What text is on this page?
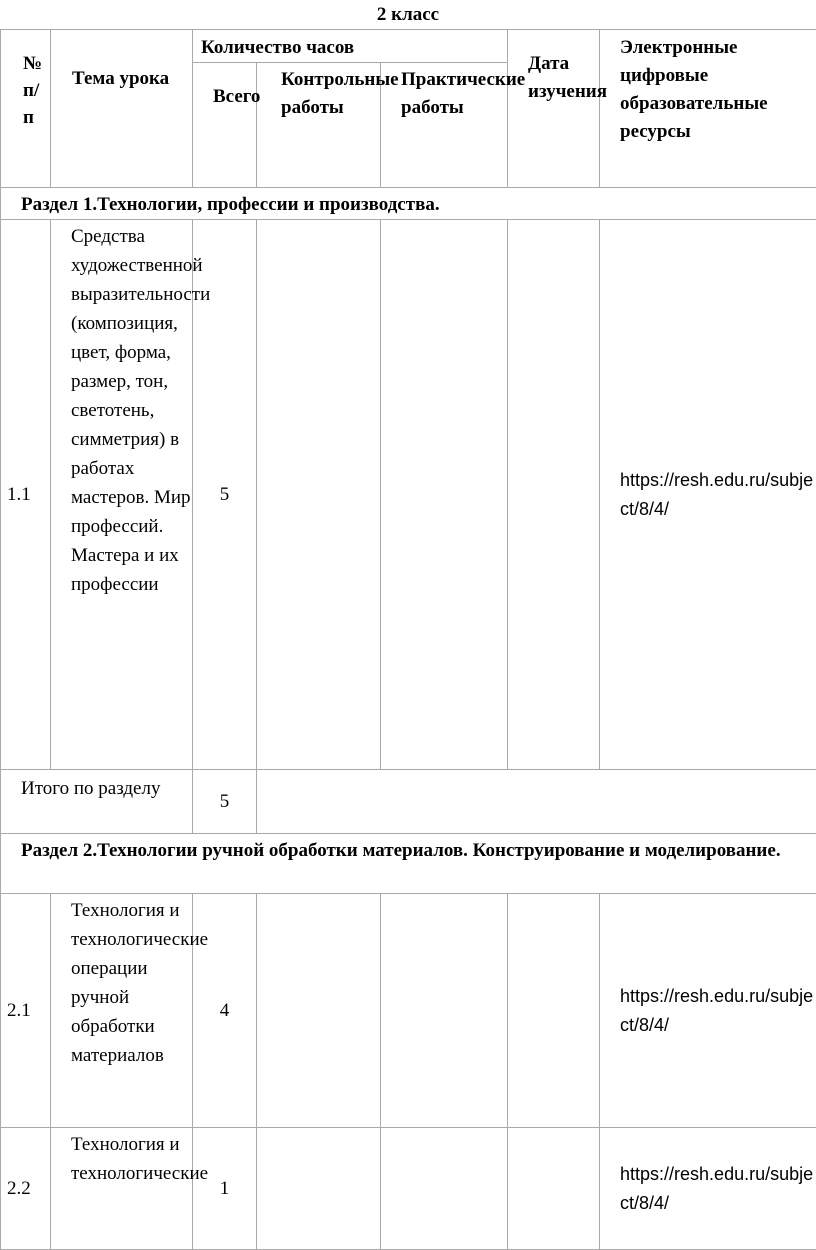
2 класс
№ п/п	Тема урока	Количество часов			Дата изучения	Электронные цифровые образовательные ресурсы
		Всего	Контрольные работы	Практические работы		
Раздел 1.Технологии, профессии и производства.						
1.1	Средства художественной выразительности (композиция, цвет, форма, размер, тон, светотень, симметрия) в работах мастеров. Мир профессий. Мастера и их профессии	5				https://resh.edu.ru/subject/8/4/
Итого по разделу		5				
Раздел 2.Технологии ручной обработки материалов. Конструирование и моделирование.						
2.1	Технология и технологические операции ручной обработки материалов	4				https://resh.edu.ru/subject/8/4/
2.2	Технология и технологические	1				https://resh.edu.ru/subject/8/4/
